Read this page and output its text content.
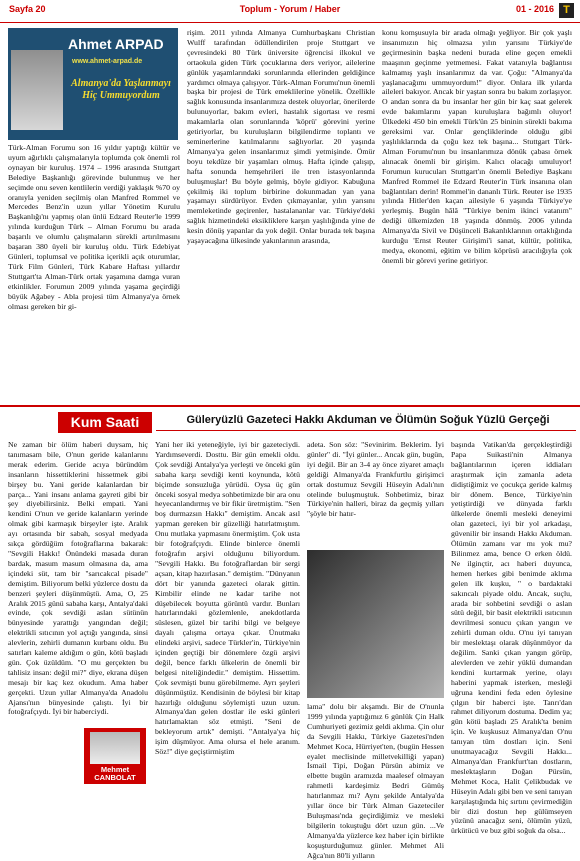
Sayfa 20	Toplum - Yorum / Haber	01 - 2016 T
Ahmet ARPAD
www.ahmet-arpad.de
Almanya'da Yaşlanmayı Hiç Ummuyordum

Türk-Alman Forumu son 16 yıldır yaptığı kültür ve uyum ağırlıklı çalışmalarıyla toplumda çok önemli rol oynayan bir kuruluş. 1974 – 1996 arasında Stuttgart Belediye Başkanlığı görevinde bulunmuş ve her seçimde onu seven kentlilerin verdiği yaklaşık %70 oy oranıyla yeniden seçilmiş olan Manfred Rommel ve Mercedes Benz'in uzun yıllar Yönetim Kurulu Başkanlığı'nı yapmış olan ünlü Edzard Reuter'le 1999 yılında kurduğun Türk – Alman Forumu bu arada başarılı ve olumlu çalışmaların sürekli artırılmasını başaran 380 üyeli bir kuruluş oldu. Türk Edebiyat Günleri, toplumsal ve politika içerikli açık oturumlar, Türk Film Günleri, Türk Kabare Haftası yıllardır Stuttgart'ta Alman-Türk ortak yaşamına damga vuran etkinlikler. Forumun 2009 yılında yaşama geçirdiği büyük Ağabey - Abla projesi tüm Almanya'ya örnek olması gereken bir gi-

rişim. 2011 yılında Almanya Cumhurbaşkanı Christian Wulff tarafından ödüllendirilen proje Stuttgart ve çevresindeki 80 Türk üniversite öğrencisi ilkokul ve ortaokula giden Türk çocuklarına ders veriyor, ailelerine günlük yaşamlarındaki sorunlarında ellerinden geldiğince yardımcı olmaya çalışıyor. Türk-Alman Forumu'nun önemli başka bir projesi de Türk emeklilerine yönelik. Özellikle sağlık konusunda insanlarımıza destek oluyorlar, önerilerde bulunuyorlar, bakım evleri, hastalık sigortası ve resmi makamlarla olan sorunlarında 'köprü' görevini yerine getiriyorlar, bu kuruluşların bilgilendirme toplantı ve seminerlerine katılmalarını sağlıyorlar. 20 yaşında Almanya'ya gelen insanlarımız şimdi yetmişinde. Ömür boyu tekdüze bir yaşamları olmuş. Hafta içinde çalışıp, hafta sonunda hemşehrileri ile tren istasyonlarında buluşmuşlar! Bu böyle gelmiş, böyle gidiyor. Kabuğuna çekilmiş iki toplum birbirine dokunmadan yan yana yaşamayı sürdürüyor. Evden çıkmayanlar, yılın yarısını memleketinde geçirenler, hastalananlar var. Türkiye'deki sağlık hizmetindeki eksikliklere karşın yaşlılığında yine de kesin dönüş yapanlar da yok değil. Onlar burada tek başına yaşayacağına ülkesinde yakınlarının arasında,

konu komşusuyla bir arada olmağı yeğliyor. Bir çok yaşlı insanımızın hiç olmazsa yılın yarısını Türkiye'de geçirmesinin başka nedeni burada eline geçen emekli maaşının geçinme yetmemesi. Fakat vatanıyla bağlantısı kalmamış yaşlı insanlarımız da var. Çoğu: "Almanya'da yaşlanacağımı ummuyordum!" diyor. Onlara ilk yılarda aileleri bakıyor. Ancak bir yaştan sonra bu bakım zorlaşıyor. O andan sonra da bu insanlar her gün bir kaç saat gelerek evde bakımlarını yapan kuruluşlara bağımlı oluyor! Ülkedeki 450 bin emekli Türk'ün 25 bininin sürekli bakıma gereksimi var. Onlar gençliklerinde olduğu gibi yaşlılıklarında da çoğu kez tek başına... Stuttgart Türk-Alman Forumu'nun bu insanlarımıza dönük çabası örnek alınacak önemli bir girişim. Kalıcı olacağı umuluyor! Forumun kurucuları Stuttgart'ın önemli Belediye Başkanı Manfred Rommel ile Edzard Reuter'in Türk insanına olan bağlantıları derin! Rommel'in dananlı Türk. Reuter ise 1935 yılında Hitler'den kaçan ailesiyle 6 yaşında Türkiye'ye yerleşmiş. Bugün hâlâ "Türkiye benim ikinci vatanım" dediği ülkemizden 18 yaşında dönmüş. 2006 yılında Almanya'da Sivil ve Düşünceli Bakanlıklarının ortaklığında kurduğu 'Ernst Reuter Girişimi'i sanat, kültür, politika, medya, ekonomi, eğitim ve bilim köprüsü aracılığıyla çok önemli bir görevi yerine getiriyor.

Kum Saati	Güleryüzlü Gazeteci Hakkı Akduman ve Ölümün Soğuk Yüzlü Gerçeği

Ne zaman bir ölüm haberi duysam, hiç tanımasam bile, O'nun geride kalanlarını merak ederim. Geride acıya büründüm insanların hissettiklerini hissetmek gibi birşey bu. Yani geride kalanlardan bir parça... Yani insanı anlama gayreti gibi bir şey diyebilirsiniz. Belki empati. Yani kendini O'nun ve geride kalanların yerinde olmak gibi karmaşık birşeyler işte. Aralık ayı ortasında bir sabah, sosyal medyada sıkça gördüğüm fotoğraflarına bakarak: "Sevgili Hakkı! Önündeki masada duran bardak, masum masum olmasına da, ama içindeki süt, tam bir "sarıcakcal pisade" demiştim. Biliyorum belki yüzlerce dostu da benzeri şeyleri düşünmüştü. Ama, O, 25 Aralık 2015 günü sabaha karşı, Antalya'daki evinde, çok sevdiği aslan sütünün bünyesinde yarattığı yangından değil; elektrikli sıtıcının yol açtığı yangında, sinsi alevlerin, zehirli dumanın kurbanı oldu. Bu satırları kaleme aldığım o gün, kötü başladı gün. Çok üzüldüm. "O mu gerçekten bu tahlisiz insan: değil mi?" diye, ekrana düşen mesajı bir kaç kez okudum. Ama haber gerçekti. Uzun yıllar Almanya'da Anadolu Ajansı'nın bünyesinde çalıştı. İyi bir fotoğrafçıydı. İyi bir haberciydi.

Mehmet CANBOLAT

Yani her iki yeteneğiyle, iyi bir gazeteciydi. Yardımseverdi. Dosttu. Bir gün emekli oldu. Çok sevdiği Antalya'ya yerleşti ve önceki gün sabaha karşı sevdiği kenti koynunda, kötü biçimde sonsuzluğa yürüdü. Oysa üç gün önceki sosyal medya sohbetimizde bir ara onu heyecanlandırmış ve bir fikir üretmiştim. "Sen boş durmazsın Hakkı" demiştim. Ancak asıl yapman gereken bir güzelliği hatırlatmıştım. Onu mutlaka yapmasını önermiştim. Çok usta bir fotoğrafçıydı. Elinde binlerce önemli fotoğrafın arşivi olduğunu biliyordum. "Sevgili Hakkı. Bu fotoğraflardan bir sergi açsan, kitap hazırlasan." demiştim. "Dünyanın dört bir yanında gazeteci olarak gittin. Kimbilir elinde ne kadar tarihe not düşebilecek boyutta görüntü vardır. Bunları hatırlarındaki gözlemlenle, anekdotlarda süslesen, güzel bir tarihi bilgi ve belgeye dayalı çalışma ortaya çıkar. Ünutmakı elindeki arşivi, sadece Türkler'in, Türkiye'nin içinden geçtiği bir dönemlere özgü arşivi değil, bence farklı ülkelerin de önemli bir belgesi niteliğindedir." demiştim. Hissettim. Çok sevmişti bunu görebilmeme. Ayrı şeyleri düşünmüştüz. Kendisinin de böylesi bir kitap hazırlığı olduğunu söylemişti uzun uzun. Almanya'dan gelen dostlar ile eski günleri hatırlamaktan söz etmişti. "Seni de bekleyorum artık" demişti. "Antalya'ya hiç işim düşmüyor. Ama olursa el hele aranım. Söz!" diye geçiştirmiştim

adeta. Son söz: "Sevinirim. Beklerim. İyi günler" di. "İyi günler... Ancak gün, bugün, iyi değil. Bir an 3-4 ay önce ziyaret amaçlı geldiği Almanya'da Frankfurtlu girişimci ortak dostumuz Sevgili Hüseyin Adalı'nın otelinde buluşmuştuk. Sohbetimiz, biraz Türkiye'nin halleri, biraz da geçmiş yılları "şöyle bir hatır-

lama" dolu bir akşamdı. Bir de O'nunla 1999 yılında yaptığımız 6 günlük Çin Halk Cumhuriyeti gezimiz geldi aklıma. Çin olur da Sevgili Hakkı, Türkiye Gazetesi'nden Mehmet Koca, Hürriyet'ten, (bugün Hessen eyalet meclisinde milletvekilliği yapan) İsmail Tipi, Doğan Pürsün abimiz ve elbette bugün aramızda maalesef olmayan rahmetli kardeşimiz Bedri Gümüş hatırlanmaz mı? Aynı şekilde Antalya'da yıllar önce bir Türk Alman Gazeteciler Buluşması'nda geçirdiğimiz ve mesleki bilgilerin tokuştuğu dört uzun gün. ...Ve Almanya'da yüzlerce kez haber için birlikte koşuşturduğumuz günler. Mehmet Ali Ağca'nın 80'li yılların

başında Vatikan'da gerçekleştirdiği Papa Suikasti'nin Almanya bağlantılarının içeren iddiaları araştırmak için zamanla adeta didiştiğimiz ve çocukça geride kalmış bir dönem. Bence, Türkiye'nin yetiştirdiği ve dünyada farklı ülkelerde önemli mesleki deneyimi olan gazeteci, iyi bir yol arkadaşı, güvenilir bir insandı Hakkı Akduman. Ölümün zamanı var mı yok mu? Bilinmez ama, bence O erken öldü. Ne ilginçtir, acı haberi duyunca, hemen herkes gibi benimde aklıma gelen ilk kuşku, " o bardaktaki sakıncalı piyade oldu. Ancak, suçlu, arada bir sohbetini sevdiği o aslan sütü değil, bir basit elektrikli ısıtıcının devrilmesi sonucu çıkan yangın ve zehirli duman oldu. O'nu iyi tanıyan bir meslektaşı olarak düşünmüyor da değilim. Sanki çıkan yangın görüp, alevlerden ve zehir yüklü dumandan kendini kurtarmak yerine, olayı haberini yapmak isterken, mesleği uğruna kendini feda eden öylesine çılgın bir haberci işte. Tanrı'dan rahmet diliyorum dostuma. Dedim ya; gün kötü başladı 25 Aralık'ta benim için. Ve kuşkusuz Almanya'dan O'nu tanıyan tüm dostları için. Seni unutmayacağız Sevgili Hakkı... Almanya'dan Frankfurt'tan dostların, meslektaşların Doğan Pürsün, Mehmet Koca, Halit Çelikbudak ve Hüseyin Adalı gibi ben ve seni tanıyan karşılaştığında hiç sırtını çevirmediğin bir dizi dostun hep gülümseyen yüzünü anacağız seni, ölümün yüzü, ürkütücü ve buz gibi soğuk da olsa...
